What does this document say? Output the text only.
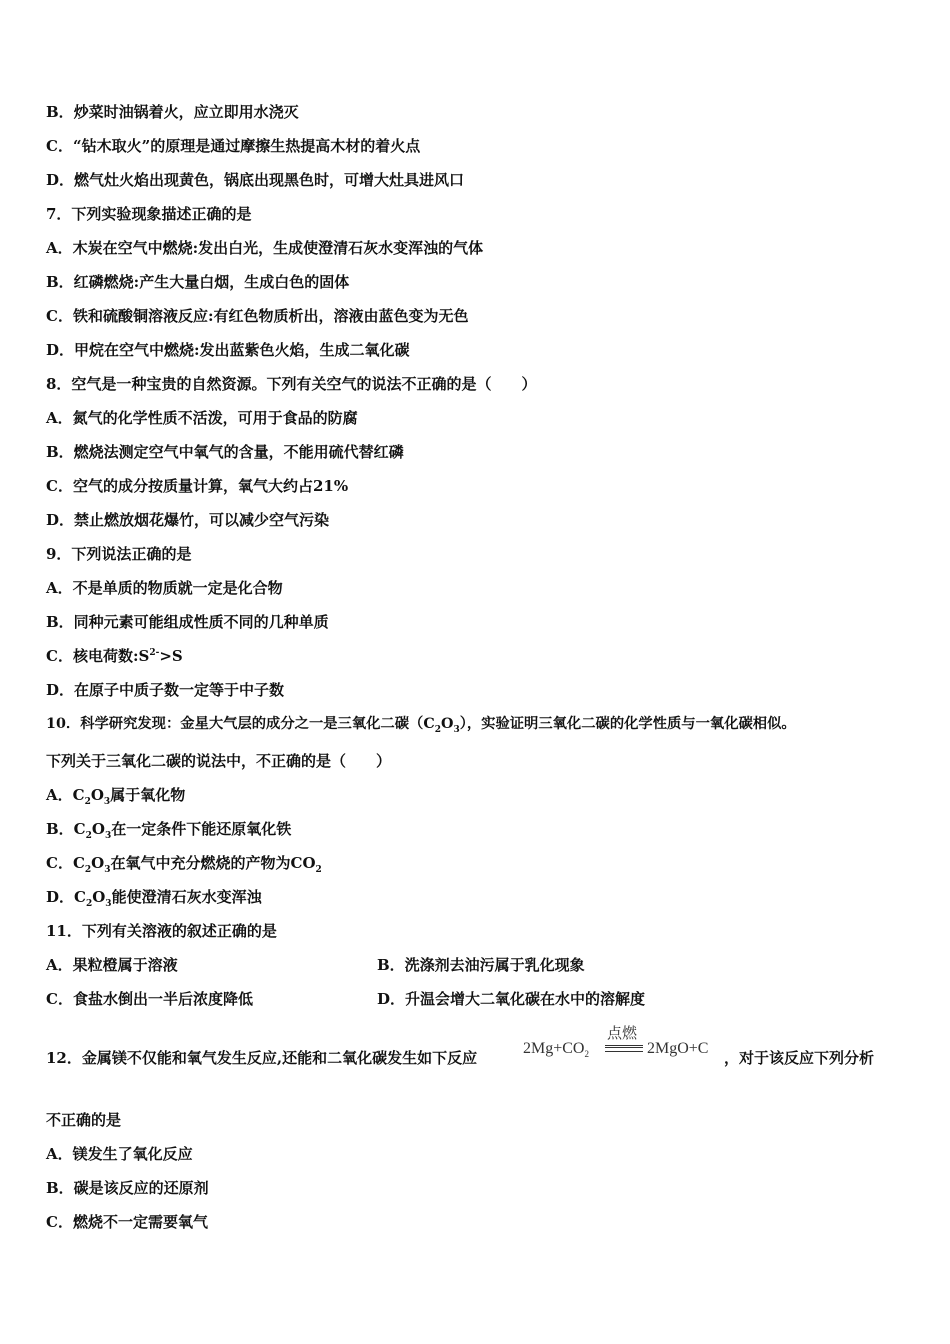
B．炒菜时油锅着火，应立即用水浇灭
C．“钻木取火”的原理是通过摩擦生热提高木材的着火点
D．燃气灶火焰出现黄色，锅底出现黑色时，可增大灶具进风口
7．下列实验现象描述正确的是
A．木炭在空气中燃烧:发出白光，生成使澄清石灰水变浑浊的气体
B．红磷燃烧:产生大量白烟，生成白色的固体
C．铁和硫酸铜溶液反应:有红色物质析出，溶液由蓝色变为无色
D．甲烷在空气中燃烧:发出蓝紫色火焰，生成二氧化碳
8．空气是一种宝贵的自然资源。下列有关空气的说法不正确的是（　　）
A．氮气的化学性质不活泼，可用于食品的防腐
B．燃烧法测定空气中氧气的含量，不能用硫代替红磷
C．空气的成分按质量计算，氧气大约占21%
D．禁止燃放烟花爆竹，可以减少空气污染
9．下列说法正确的是
A．不是单质的物质就一定是化合物
B．同种元素可能组成性质不同的几种单质
C．核电荷数$:S^{2-}>S$
D．在原子中质子数一定等于中子数
10．科学研究发现：金星大气层的成分之一是三氧化二碳$(C_2O_3)$，实验证明三氧化二碳的化学性质与一氧化碳相似。
下列关于三氧化二碳的说法中，不正确的是（　　）
A．$C_2O_3$属于氧化物
B．$C_2O_3$在一定条件下能还原氧化铁
C．$C_2O_3$在氧气中充分燃烧的产物为$CO_2$
D．$C_2O_3$能使澄清石灰水变浑浊
11．下列有关溶液的叙述正确的是
A．果粒橙属于溶液	B．洗涤剂去油污属于乳化现象
C．食盐水倒出一半后浓度降低	D．升温会增大二氧化碳在水中的溶解度
12．金属镁不仅能和氧气发生反应,还能和二氧化碳发生如下反应
$2Mg+CO_2$
点燃
2MgO+C
，对于该反应下列分析
不正确的是
A．镁发生了氧化反应
B．碳是该反应的还原剂
C．燃烧不一定需要氧气
